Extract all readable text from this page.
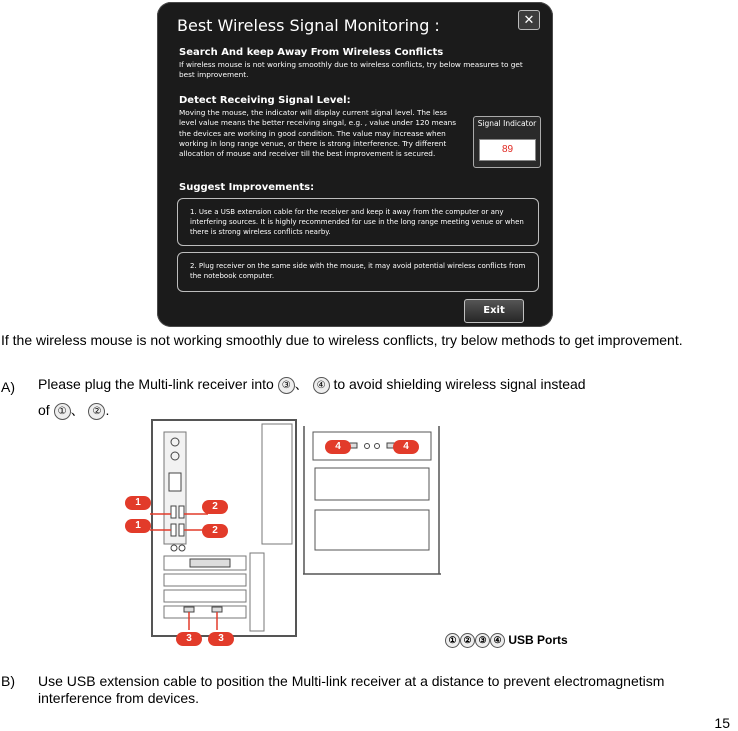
Best Wireless Signal Monitoring :	✕
Search And keep Away From Wireless Conflicts
If wireless mouse is not working smoothly due to wireless conflicts, try below measures to get best improvement.
Detect Receiving Signal Level:
Moving the mouse, the indicator will display current signal level. The less level value means the better receiving singal, e.g. , value under 120 means the devices are working in good condition. The value may increase when working in long range venue, or there is strong interference. Try different allocation of mouse and receiver till the best improvement is secured.
Signal Indicator
89
Suggest Improvements:
1. Use a USB extension cable for the receiver and keep it away from the computer or any interfering sources. It is highly recommended for use in the long range meeting venue or when there is strong wireless conflicts nearby.
2. Plug receiver on the same side with the mouse, it may avoid potential wireless conflicts from the notebook computer.
Exit
If the wireless mouse is not working smoothly due to wireless conflicts, try below methods to get improvement.
A) Please plug the Multi-link receiver into ③ 、 ④ to avoid shielding wireless signal instead
of ① 、 ② .
1
1
2
2
3	3
4	4
① ② ③ ④ USB Ports
B) Use USB extension cable to position the Multi-link receiver at a distance to prevent electromagnetism interference from devices.
15
